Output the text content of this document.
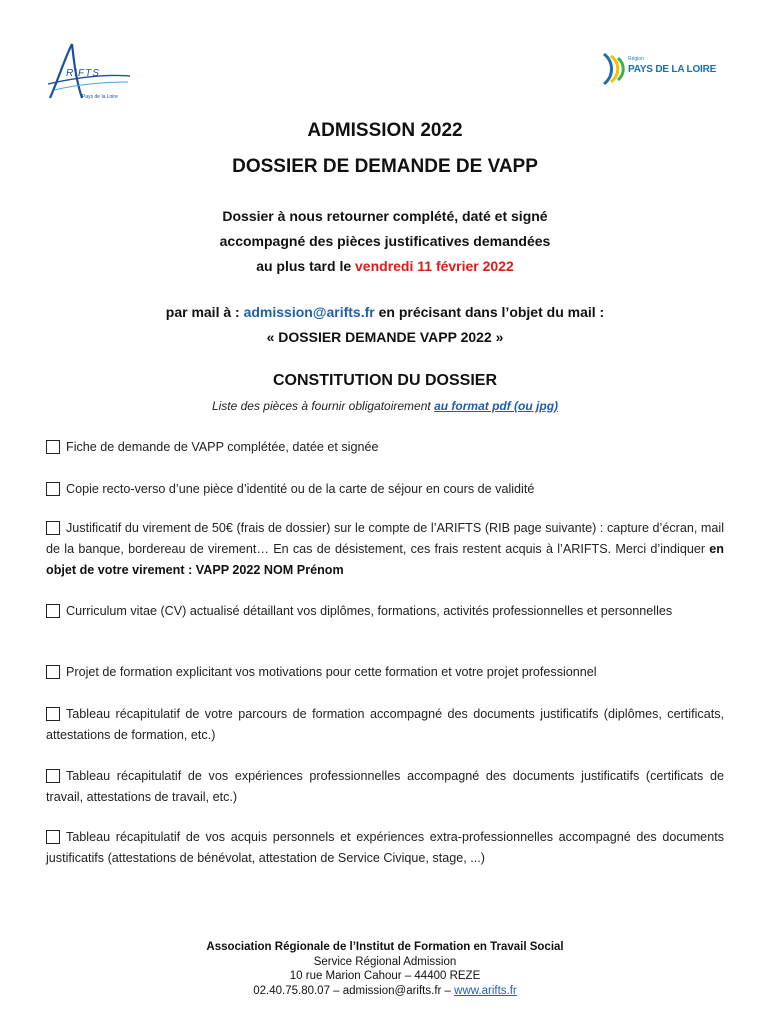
RIFTS
Pays de la Loire
Région
PAYS DE LA LOIRE
ADMISSION 2022
DOSSIER DE DEMANDE DE VAPP
Dossier à nous retourner complété, daté et signé
accompagné des pièces justificatives demandées
au plus tard le vendredi 11 février 2022
par mail à : admission@arifts.fr en précisant dans l’objet du mail :
« DOSSIER DEMANDE VAPP 2022 »
CONSTITUTION DU DOSSIER
Liste des pièces à fournir obligatoirement au format pdf (ou jpg)
Fiche de demande de VAPP complétée, datée et signée
Copie recto-verso d’une pièce d’identité ou de la carte de séjour en cours de validité
Justificatif du virement de 50€ (frais de dossier) sur le compte de l’ARIFTS (RIB page suivante) : capture d’écran, mail de la banque, bordereau de virement… En cas de désistement, ces frais restent acquis à l’ARIFTS. Merci d’indiquer en objet de votre virement : VAPP 2022 NOM Prénom
Curriculum vitae (CV) actualisé détaillant vos diplômes, formations, activités professionnelles et personnelles
Projet de formation explicitant vos motivations pour cette formation et votre projet professionnel
Tableau récapitulatif de votre parcours de formation accompagné des documents justificatifs (diplômes, certificats, attestations de formation, etc.)
Tableau récapitulatif de vos expériences professionnelles accompagné des documents justificatifs (certificats de travail, attestations de travail, etc.)
Tableau récapitulatif de vos acquis personnels et expériences extra-professionnelles accompagné des documents justificatifs (attestations de bénévolat, attestation de Service Civique, stage, ...)
Association Régionale de l’Institut de Formation en Travail Social
Service Régional Admission
10 rue Marion Cahour – 44400 REZE
02.40.75.80.07 – admission@arifts.fr – www.arifts.fr
